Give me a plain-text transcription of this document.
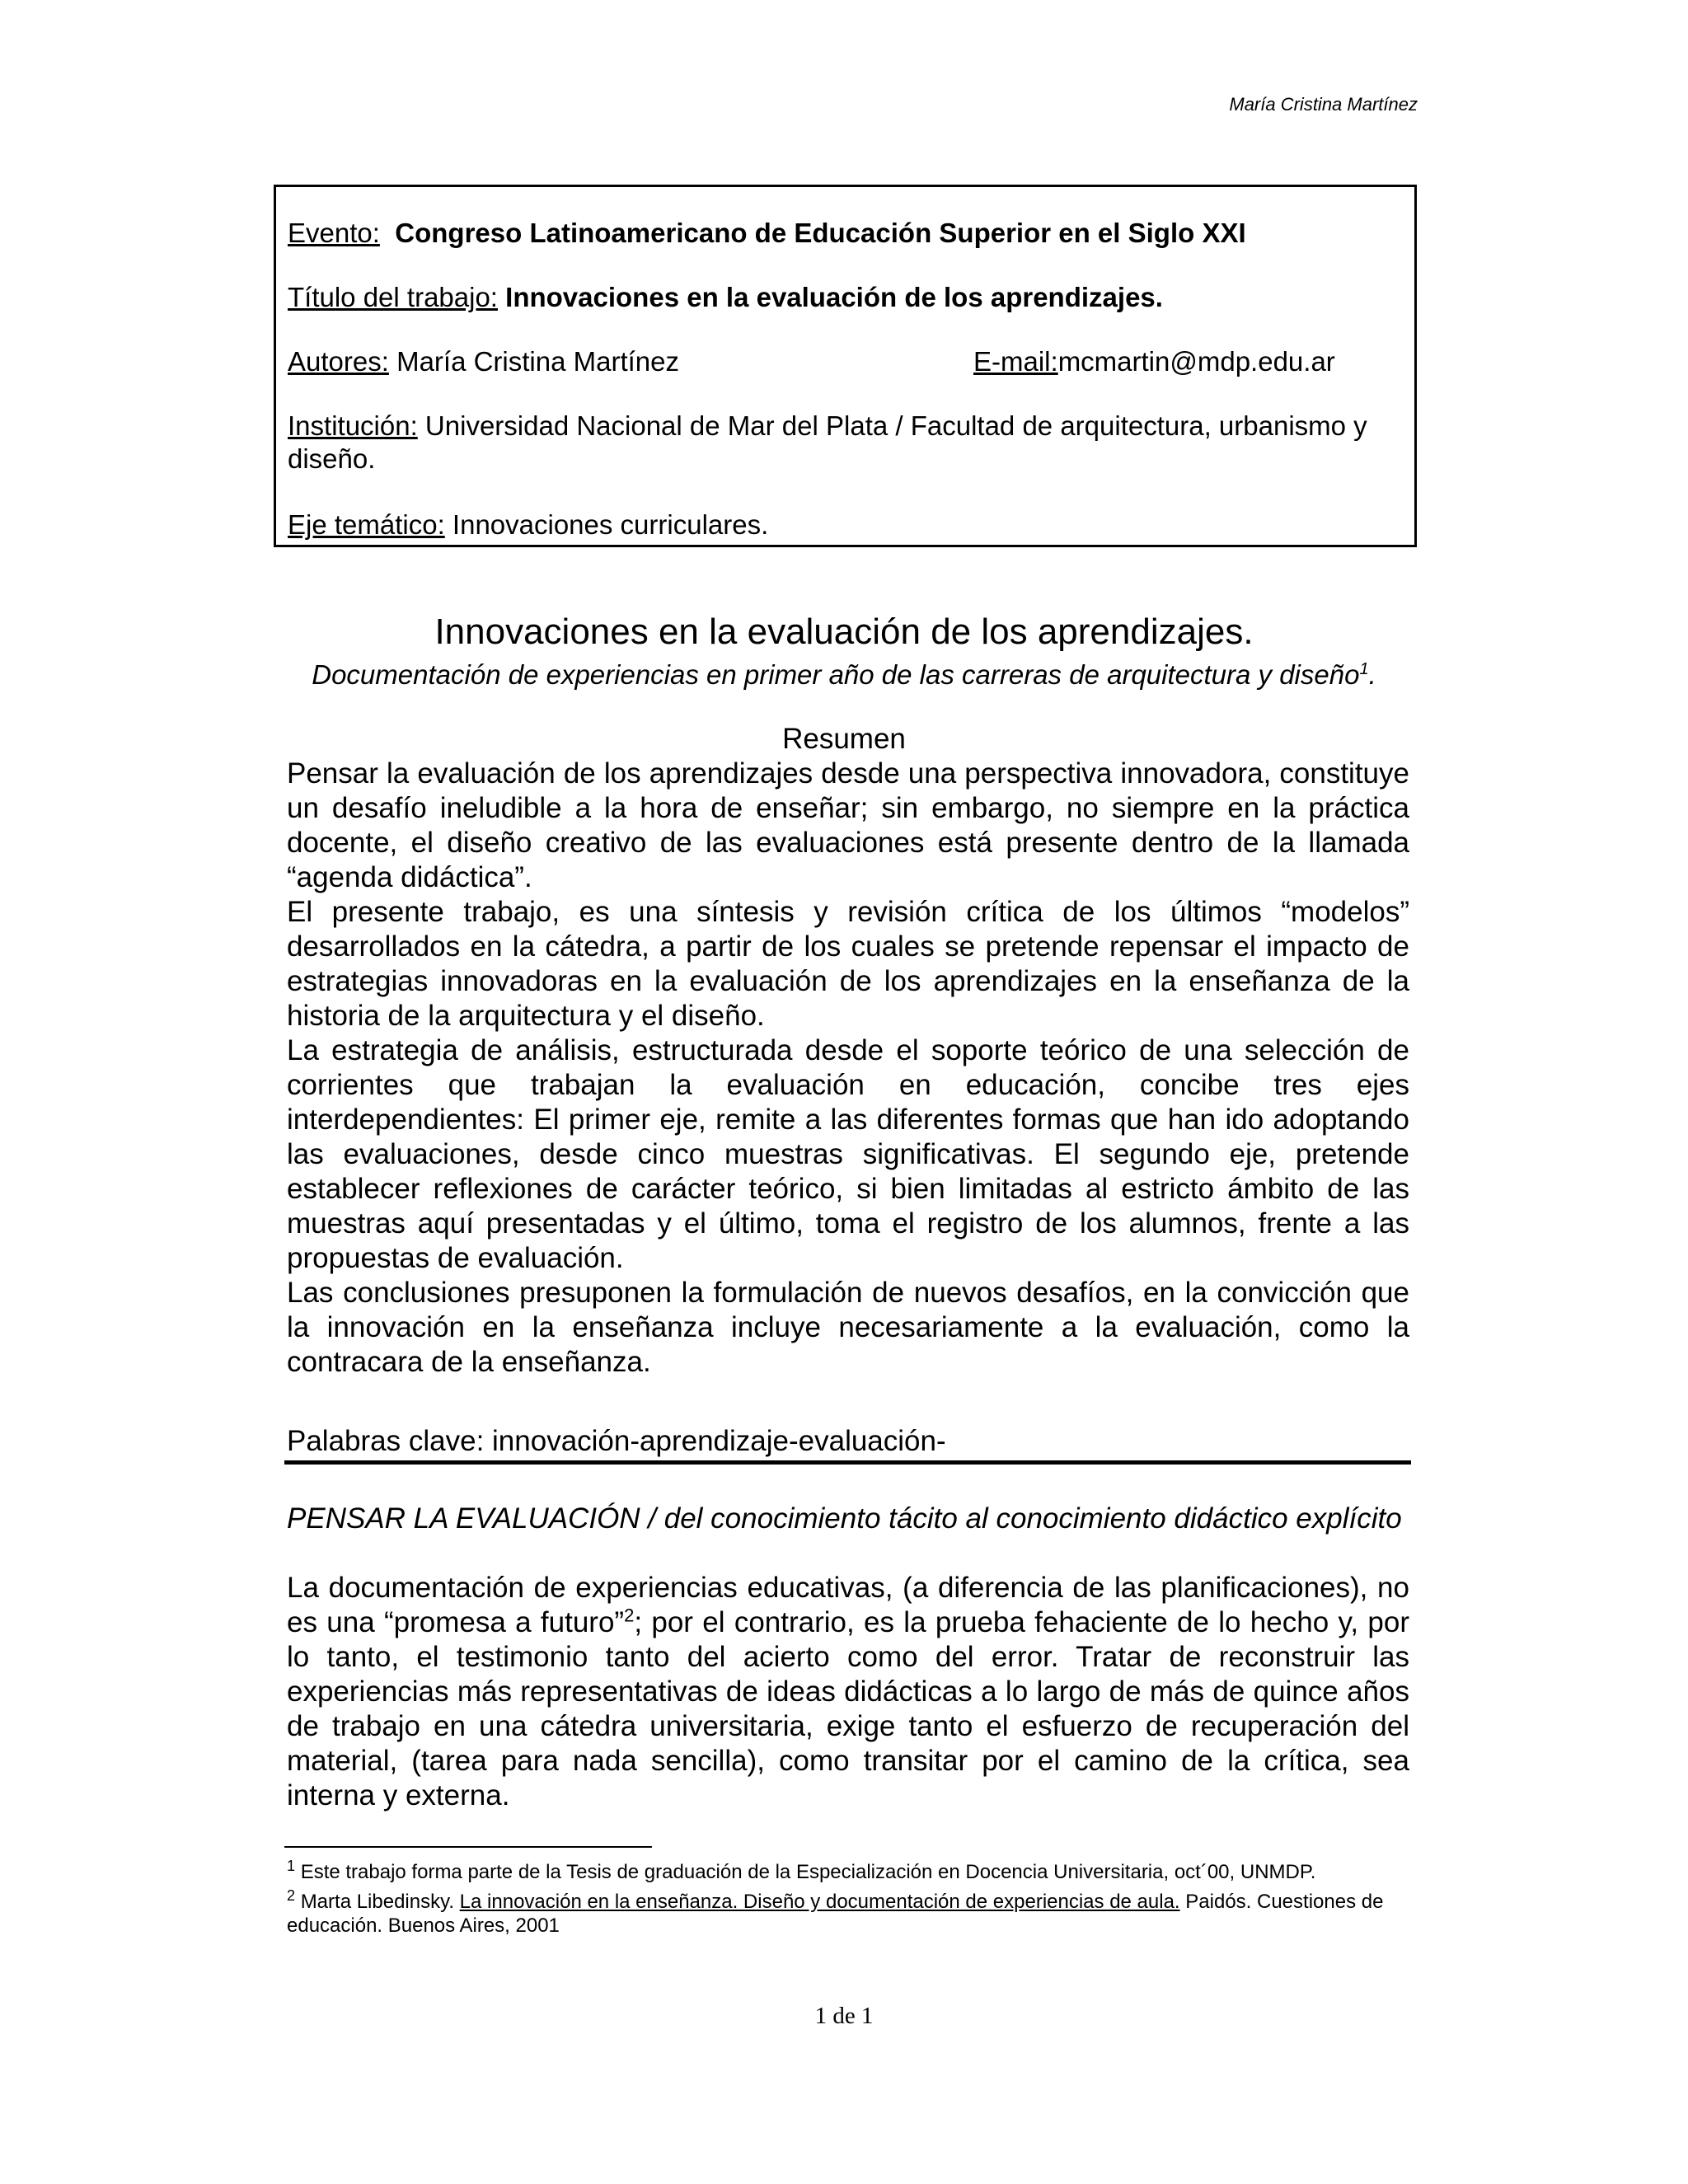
María Cristina Martínez
Evento: Congreso Latinoamericano de Educación Superior en el Siglo XXI
Título del trabajo: Innovaciones en la evaluación de los aprendizajes.
Autores: María Cristina Martínez	E-mail:mcmartin@mdp.edu.ar
Institución: Universidad Nacional de Mar del Plata / Facultad de arquitectura, urbanismo y
diseño.
Eje temático: Innovaciones curriculares.
Innovaciones en la evaluación de los aprendizajes.
Documentación de experiencias en primer año de las carreras de arquitectura y diseño$^1$.
Resumen

Pensar la evaluación de los aprendizajes desde una perspectiva innovadora, constituye un desafío ineludible a la hora de enseñar; sin embargo, no siempre en la práctica docente, el diseño creativo de las evaluaciones está presente dentro de la llamada “agenda didáctica”.

El presente trabajo, es una síntesis y revisión crítica de los últimos “modelos” desarrollados en la cátedra, a partir de los cuales se pretende repensar el impacto de estrategias innovadoras en la evaluación de los aprendizajes en la enseñanza de la historia de la arquitectura y el diseño.

La estrategia de análisis, estructurada desde el soporte teórico de una selección de corrientes que trabajan la evaluación en educación, concibe tres ejes interdependientes: El primer eje, remite a las diferentes formas que han ido adoptando las evaluaciones, desde cinco muestras significativas. El segundo eje, pretende establecer reflexiones de carácter teórico, si bien limitadas al estricto ámbito de las muestras aquí presentadas y el último, toma el registro de los alumnos, frente a las propuestas de evaluación.

Las conclusiones presuponen la formulación de nuevos desafíos, en la convicción que la innovación en la enseñanza incluye necesariamente a la evaluación, como la contracara de la enseñanza.

Palabras clave: innovación-aprendizaje-evaluación-
PENSAR LA EVALUACIÓN / del conocimiento tácito al conocimiento didáctico explícito

La documentación de experiencias educativas, (a diferencia de las planificaciones), no es una “promesa a futuro”$^2$; por el contrario, es la prueba fehaciente de lo hecho y, por lo tanto, el testimonio tanto del acierto como del error. Tratar de reconstruir las experiencias más representativas de ideas didácticas a lo largo de más de quince años de trabajo en una cátedra universitaria, exige tanto el esfuerzo de recuperación del material, (tarea para nada sencilla), como transitar por el camino de la crítica, sea interna y externa.

$^1$ Este trabajo forma parte de la Tesis de graduación de la Especialización en Docencia Universitaria, oct´00, UNMDP.

$^2$ Marta Libedinsky. La innovación en la enseñanza. Diseño y documentación de experiencias de aula. Paidós. Cuestiones de educación. Buenos Aires, 2001

1 de 1
